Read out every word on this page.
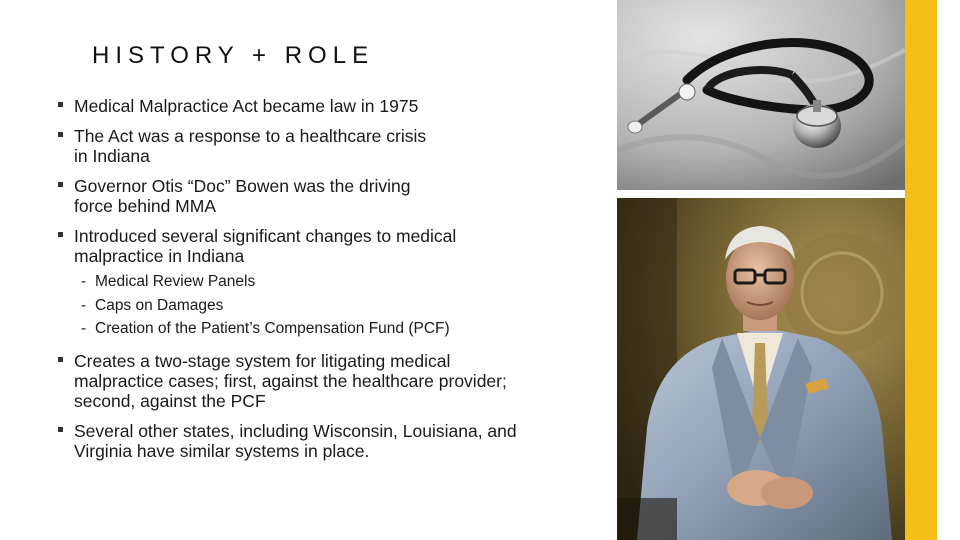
HISTORY + ROLE
Medical Malpractice Act became law in 1975
The Act was a response to a healthcare crisis in Indiana
Governor Otis “Doc” Bowen was the driving force behind MMA
Introduced several significant changes to medical malpractice in Indiana
- Medical Review Panels
- Caps on Damages
- Creation of the Patient’s Compensation Fund (PCF)
Creates a two-stage system for litigating medical malpractice cases; first, against the healthcare provider; second, against the PCF
Several other states, including Wisconsin, Louisiana, and Virginia have similar systems in place.
